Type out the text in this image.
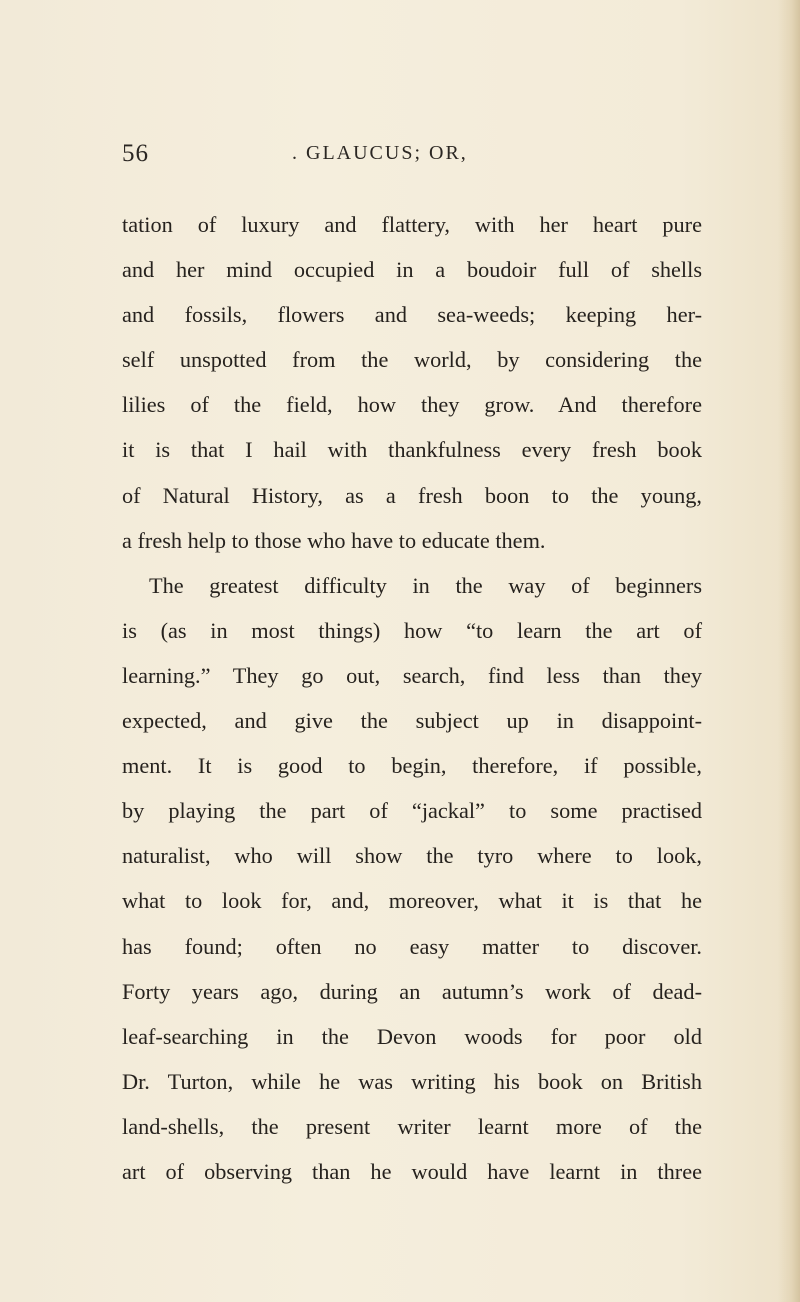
56	. GLAUCUS; OR,
tation of luxury and flattery, with her heart pure
and her mind occupied in a boudoir full of shells
and fossils, flowers and sea-weeds; keeping her-
self unspotted from the world, by considering the
lilies of the field, how they grow. And therefore
it is that I hail with thankfulness every fresh book
of Natural History, as a fresh boon to the young,
a fresh help to those who have to educate them.
The greatest difficulty in the way of beginners
is (as in most things) how “to learn the art of
learning.” They go out, search, find less than they
expected, and give the subject up in disappoint-
ment. It is good to begin, therefore, if possible,
by playing the part of “jackal” to some practised
naturalist, who will show the tyro where to look,
what to look for, and, moreover, what it is that he
has found; often no easy matter to discover.
Forty years ago, during an autumn’s work of dead-
leaf-searching in the Devon woods for poor old
Dr. Turton, while he was writing his book on British
land-shells, the present writer learnt more of the
art of observing than he would have learnt in three
